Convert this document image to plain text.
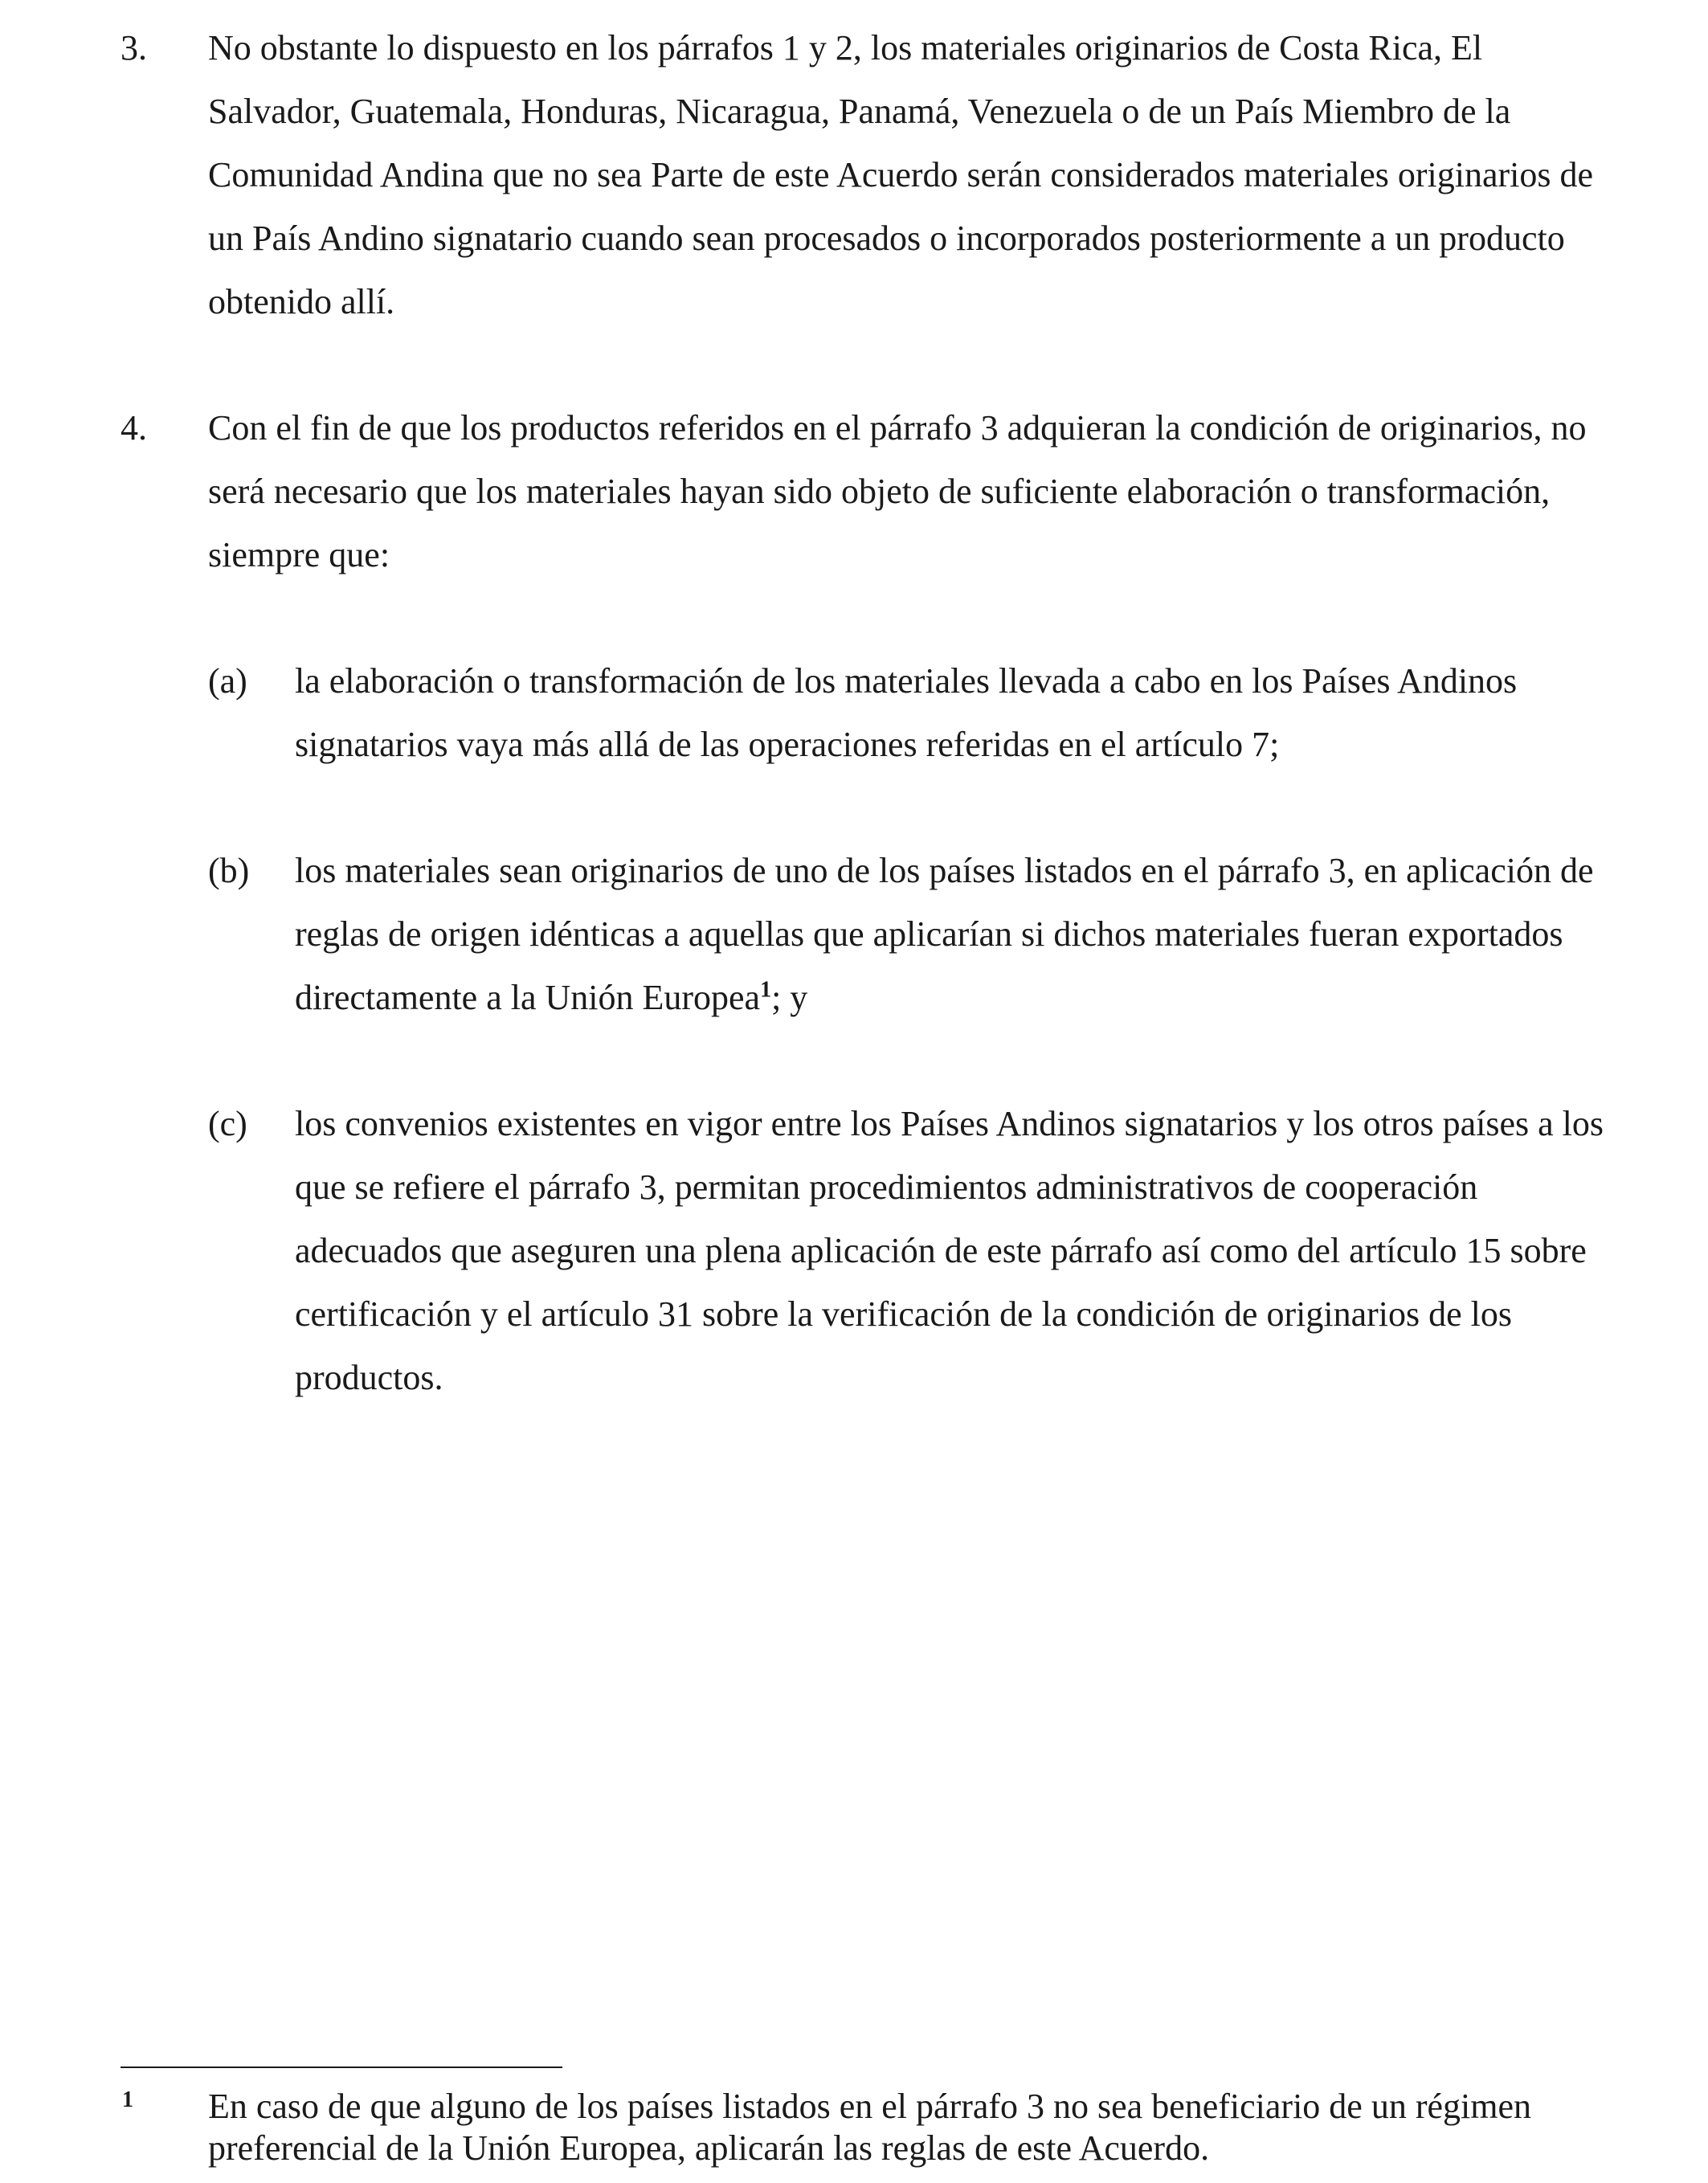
3. No obstante lo dispuesto en los párrafos 1 y 2, los materiales originarios de Costa Rica, El Salvador, Guatemala, Honduras, Nicaragua, Panamá, Venezuela o de un País Miembro de la Comunidad Andina que no sea Parte de este Acuerdo serán considerados materiales originarios de un País Andino signatario cuando sean procesados o incorporados posteriormente a un producto obtenido allí.
4. Con el fin de que los productos referidos en el párrafo 3 adquieran la condición de originarios, no será necesario que los materiales hayan sido objeto de suficiente elaboración o transformación, siempre que:
(a) la elaboración o transformación de los materiales llevada a cabo en los Países Andinos signatarios vaya más allá de las operaciones referidas en el artículo 7;
(b) los materiales sean originarios de uno de los países listados en el párrafo 3, en aplicación de reglas de origen idénticas a aquellas que aplicarían si dichos materiales fueran exportados directamente a la Unión Europea$^1$; y
(c) los convenios existentes en vigor entre los Países Andinos signatarios y los otros países a los que se refiere el párrafo 3, permitan procedimientos administrativos de cooperación adecuados que aseguren una plena aplicación de este párrafo así como del artículo 15 sobre certificación y el artículo 31 sobre la verificación de la condición de originarios de los productos.
1 En caso de que alguno de los países listados en el párrafo 3 no sea beneficiario de un régimen preferencial de la Unión Europea, aplicarán las reglas de este Acuerdo.
